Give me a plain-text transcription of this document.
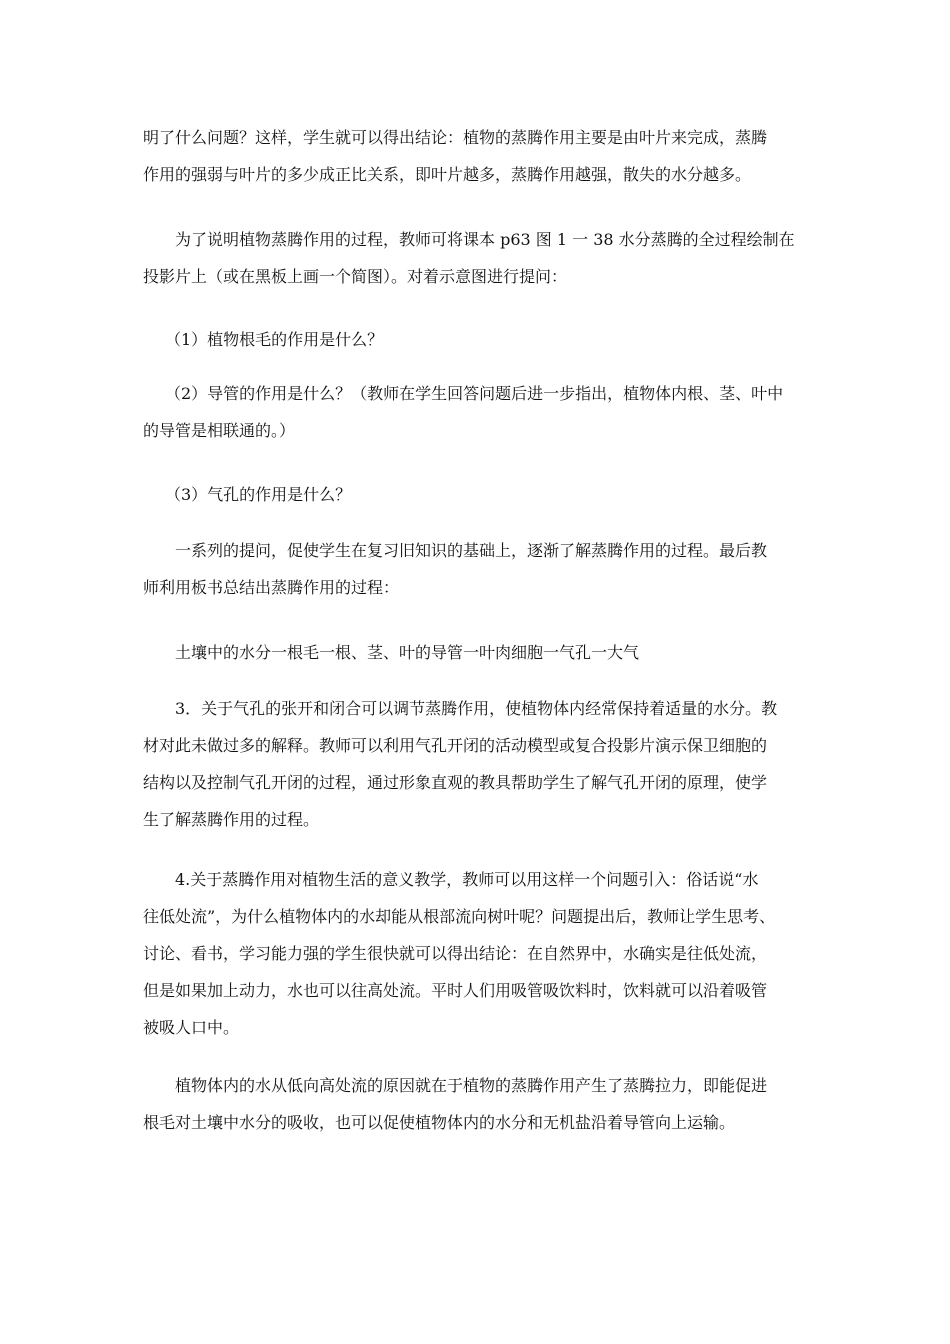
明了什么问题？这样，学生就可以得出结论：植物的蒸腾作用主要是由叶片来完成，蒸腾
作用的强弱与叶片的多少成正比关系，即叶片越多，蒸腾作用越强，散失的水分越多。
为了说明植物蒸腾作用的过程，教师可将课本 p63 图 1 一 38 水分蒸腾的全过程绘制在
投影片上（或在黑板上画一个简图）。对着示意图进行提问：
（1）植物根毛的作用是什么？
（2）导管的作用是什么？（教师在学生回答问题后进一步指出，植物体内根、茎、叶中
的导管是相联通的。）
（3）气孔的作用是什么？
一系列的提问，促使学生在复习旧知识的基础上，逐渐了解蒸腾作用的过程。最后教
师利用板书总结出蒸腾作用的过程：
土壤中的水分一根毛一根、茎、叶的导管一叶肉细胞一气孔一大气
3．关于气孔的张开和闭合可以调节蒸腾作用，使植物体内经常保持着适量的水分。教
材对此未做过多的解释。教师可以利用气孔开闭的活动模型或复合投影片演示保卫细胞的
结构以及控制气孔开闭的过程，通过形象直观的教具帮助学生了解气孔开闭的原理，使学
生了解蒸腾作用的过程。
4.关于蒸腾作用对植物生活的意义教学，教师可以用这样一个问题引入：俗话说“水
往低处流”，为什么植物体内的水却能从根部流向树叶呢？问题提出后，教师让学生思考、
讨论、看书，学习能力强的学生很快就可以得出结论：在自然界中，水确实是往低处流，
但是如果加上动力，水也可以往高处流。平时人们用吸管吸饮料时，饮料就可以沿着吸管
被吸人口中。
植物体内的水从低向高处流的原因就在于植物的蒸腾作用产生了蒸腾拉力，即能促进
根毛对土壤中水分的吸收，也可以促使植物体内的水分和无机盐沿着导管向上运输。
